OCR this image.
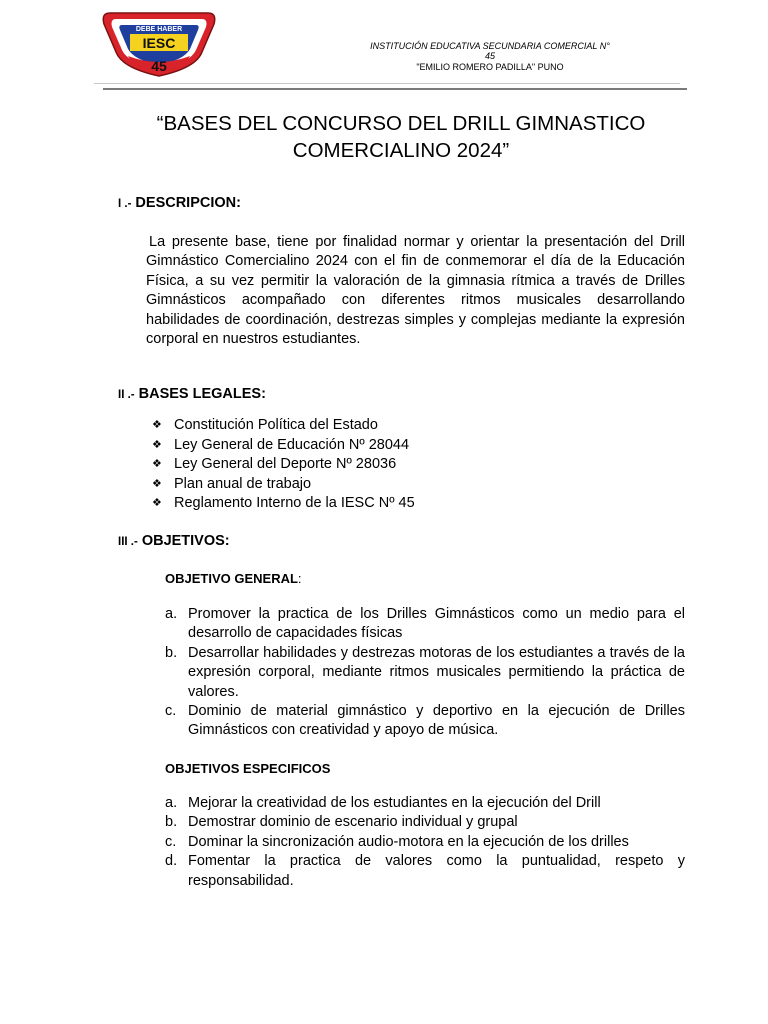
DEBE HABER
IESC
45
INSTITUCIÓN EDUCATIVA SECUNDARIA COMERCIAL N° 45
"EMILIO ROMERO PADILLA" PUNO
“BASES DEL CONCURSO DEL DRILL GIMNASTICO
COMERCIALINO 2024”
I .- DESCRIPCION:
La presente base, tiene por finalidad normar y orientar la presentación del Drill Gimnástico Comercialino 2024 con el fin de conmemorar el día de la Educación Física, a su vez permitir la valoración de la gimnasia rítmica a través de Drilles Gimnásticos acompañado con diferentes ritmos musicales desarrollando habilidades de coordinación, destrezas simples y complejas mediante la expresión corporal en nuestros estudiantes.
II .- BASES LEGALES:
❖ Constitución Política del Estado
❖ Ley General de Educación Nº 28044
❖ Ley General del Deporte Nº 28036
❖ Plan anual de trabajo
❖ Reglamento Interno de la IESC Nº 45
III .- OBJETIVOS:
OBJETIVO GENERAL:
a. Promover la practica de los Drilles Gimnásticos como un medio para el desarrollo de capacidades físicas
b. Desarrollar habilidades y destrezas motoras de los estudiantes a través de la expresión corporal, mediante ritmos musicales permitiendo la práctica de valores.
c. Dominio de material gimnástico y deportivo en la ejecución de Drilles Gimnásticos con creatividad y apoyo de música.
OBJETIVOS ESPECIFICOS
a. Mejorar la creatividad de los estudiantes en la ejecución del Drill
b. Demostrar dominio de escenario individual y grupal
c. Dominar la sincronización audio-motora en la ejecución de los drilles
d. Fomentar la practica de valores como la puntualidad, respeto y responsabilidad.
